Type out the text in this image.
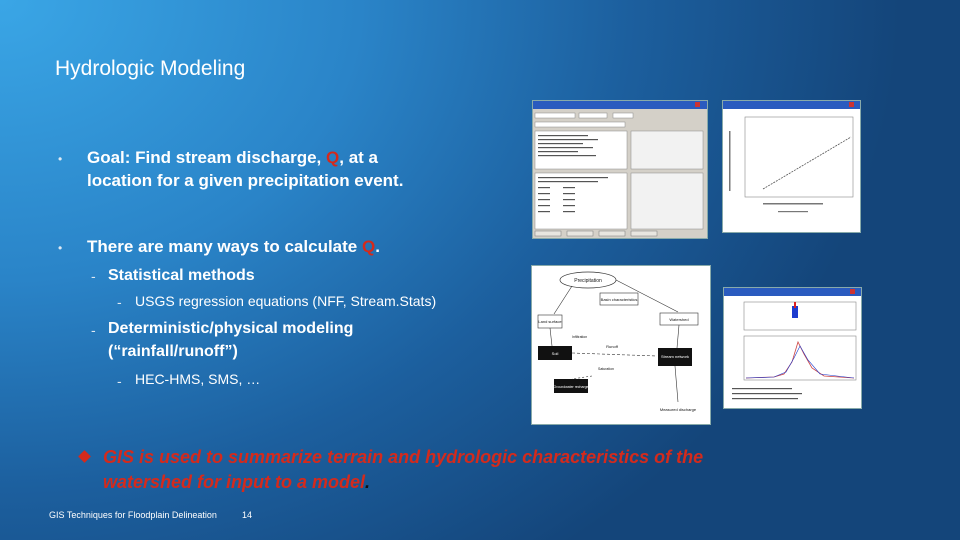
Hydrologic Modeling
• Goal: Find stream discharge, Q, at a
location for a given precipitation event.
• There are many ways to calculate Q.
- Statistical methods
- USGS regression equations (NFF, Stream.Stats)
- Deterministic/physical modeling
(“rainfall/runoff”)
- HEC-HMS, SMS, …
GIS is used to summarize terrain and hydrologic characteristics of the watershed for input to a model.
GIS Techniques for Floodplain Delineation	14
Precipitation
Basin characteristics
Land surface	Watershed
Soil
Stream network
Runoff
Infiltration
Saturation
Groundwater recharge
Measured discharge
